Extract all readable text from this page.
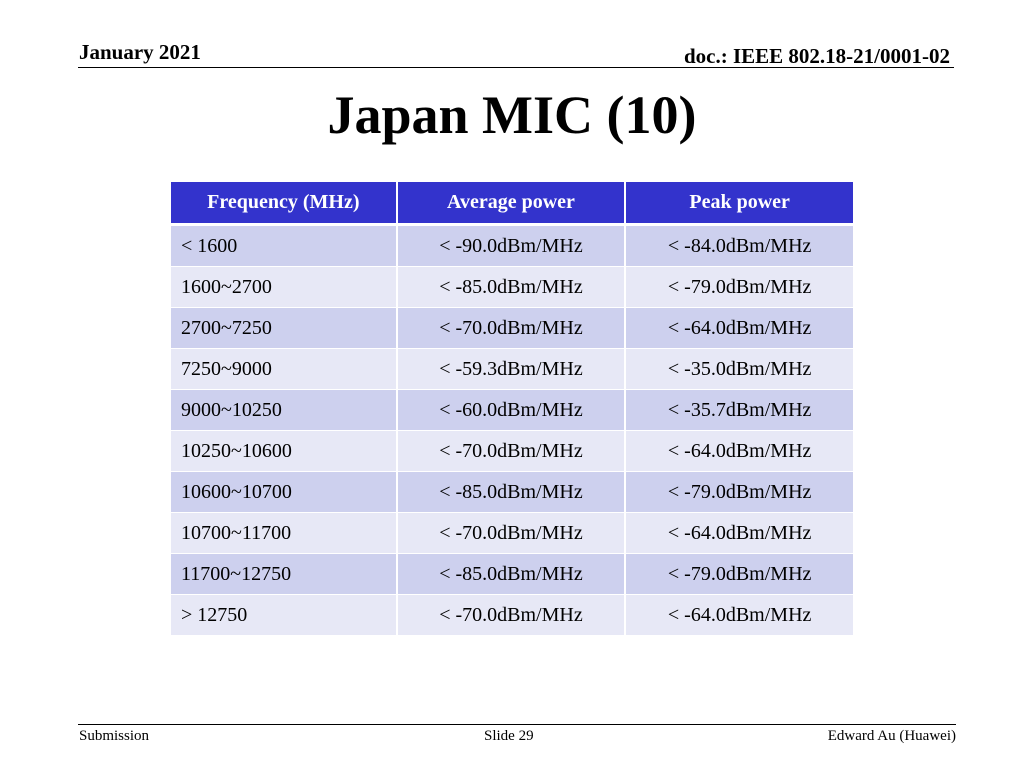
January 2021	doc.: IEEE 802.18-21/0001-02
Japan MIC (10)
Frequency (MHz)	Average power	Peak power
< 1600	< -90.0dBm/MHz	< -84.0dBm/MHz
1600~2700	< -85.0dBm/MHz	< -79.0dBm/MHz
2700~7250	< -70.0dBm/MHz	< -64.0dBm/MHz
7250~9000	< -59.3dBm/MHz	< -35.0dBm/MHz
9000~10250	< -60.0dBm/MHz	< -35.7dBm/MHz
10250~10600	< -70.0dBm/MHz	< -64.0dBm/MHz
10600~10700	< -85.0dBm/MHz	< -79.0dBm/MHz
10700~11700	< -70.0dBm/MHz	< -64.0dBm/MHz
11700~12750	< -85.0dBm/MHz	< -79.0dBm/MHz
> 12750	< -70.0dBm/MHz	< -64.0dBm/MHz
Submission	Slide 29	Edward Au (Huawei)
